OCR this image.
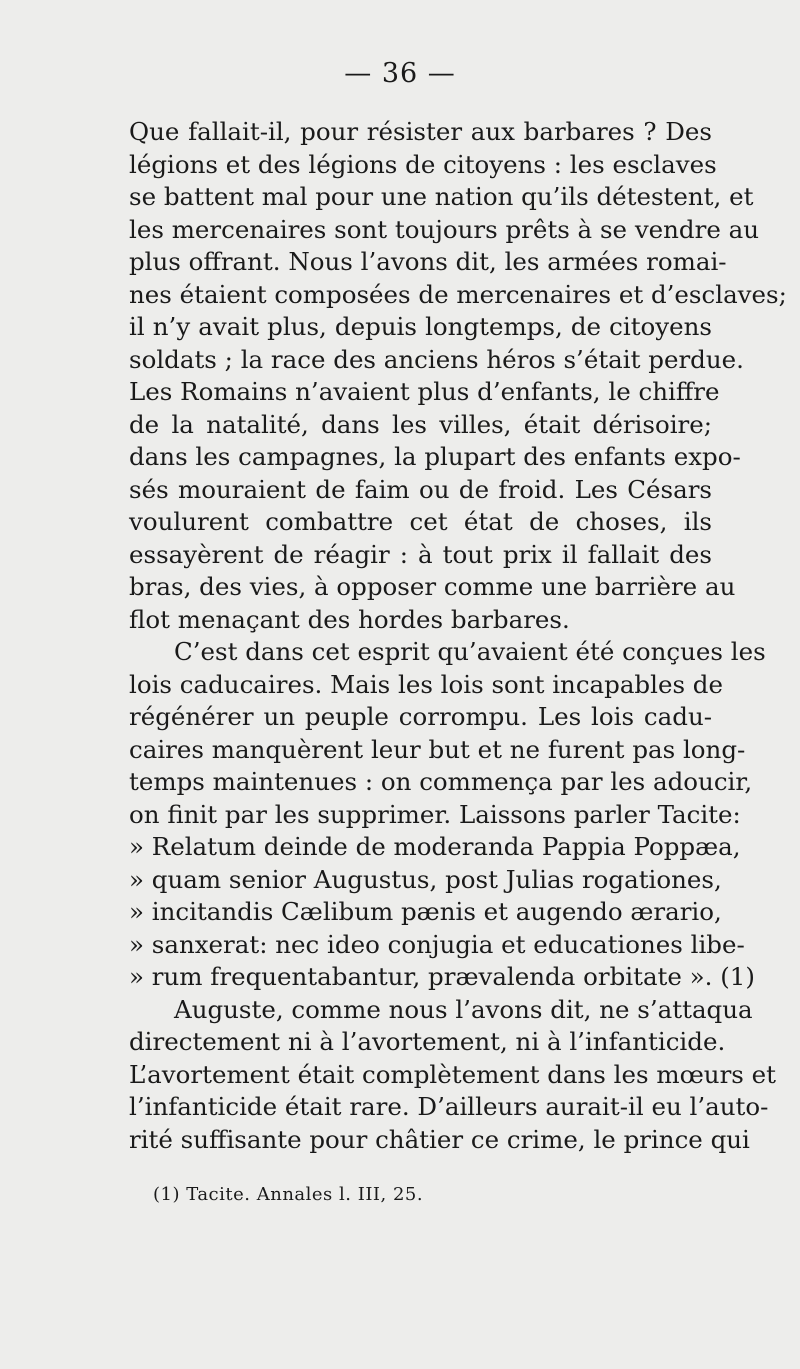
— 36 —
Que fallait-il, pour résister aux barbares ? Des
légions et des légions de citoyens : les esclaves
se battent mal pour une nation qu’ils détestent, et
les mercenaires sont toujours prêts à se vendre au
plus offrant. Nous l’avons dit, les armées romai-
nes étaient composées de mercenaires et d’esclaves;
il n’y avait plus, depuis longtemps, de citoyens
soldats ; la race des anciens héros s’était perdue.
Les Romains n’avaient plus d’enfants, le chiffre
de la natalité, dans les villes, était dérisoire;
dans les campagnes, la plupart des enfants expo-
sés mouraient de faim ou de froid. Les Césars
voulurent combattre cet état de choses, ils
essayèrent de réagir : à tout prix il fallait des
bras, des vies, à opposer comme une barrière au
flot menaçant des hordes barbares.
C’est dans cet esprit qu’avaient été conçues les
lois caducaires. Mais les lois sont incapables de
régénérer un peuple corrompu. Les lois cadu-
caires manquèrent leur but et ne furent pas long-
temps maintenues : on commença par les adoucir,
on finit par les supprimer. Laissons parler Tacite:
» Relatum deinde de moderanda Pappia Poppæa,
» quam senior Augustus, post Julias rogationes,
» incitandis Cælibum pænis et augendo ærario,
» sanxerat: nec ideo conjugia et educationes libe-
» rum frequentabantur, prævalenda orbitate ». (1)
Auguste, comme nous l’avons dit, ne s’attaqua
directement ni à l’avortement, ni à l’infanticide.
L’avortement était complètement dans les mœurs et
l’infanticide était rare. D’ailleurs aurait-il eu l’auto-
rité suffisante pour châtier ce crime, le prince qui
(1) Tacite. Annales l. III, 25.
